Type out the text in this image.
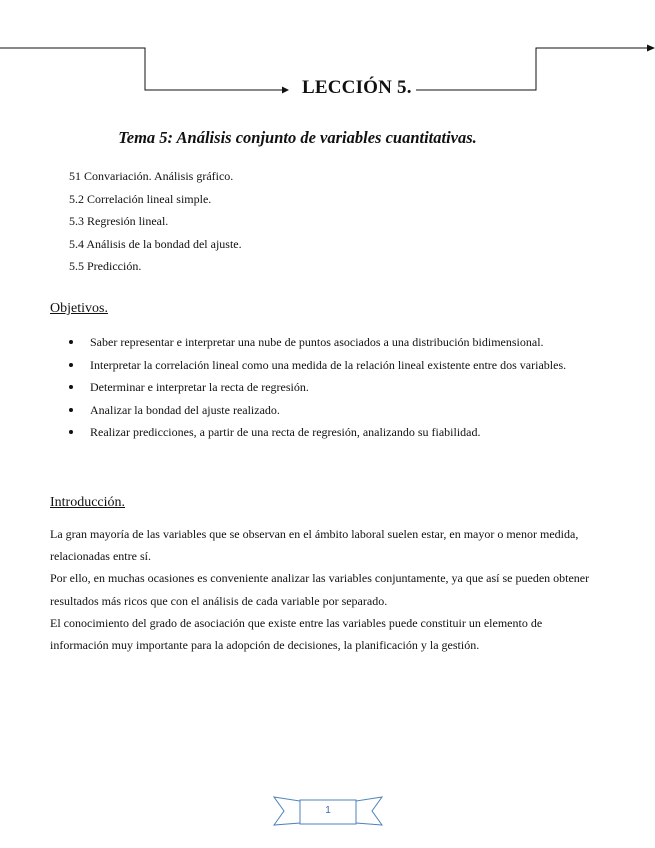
LECCIÓN 5.
Tema 5: Análisis conjunto de variables cuantitativas.
51 Convariación. Análisis gráfico.
5.2 Correlación lineal simple.
5.3 Regresión lineal.
5.4 Análisis de la bondad del ajuste.
5.5 Predicción.
Objetivos.
Saber representar e interpretar una nube de puntos asociados a una distribución bidimensional.
Interpretar la correlación lineal como una medida de la relación lineal existente entre dos variables.
Determinar e interpretar la recta de regresión.
Analizar la bondad del ajuste realizado.
Realizar predicciones, a partir de una recta de regresión, analizando su fiabilidad.
Introducción.

La gran mayoría de las variables que se observan en el ámbito laboral suelen estar, en mayor o menor medida, relacionadas entre sí.

Por ello, en muchas ocasiones es conveniente analizar las variables conjuntamente, ya que así se pueden obtener resultados más ricos que con el análisis de cada variable por separado.

El conocimiento del grado de asociación que existe entre las variables puede constituir un elemento de información muy importante para la adopción de decisiones, la planificación y la gestión.

1
